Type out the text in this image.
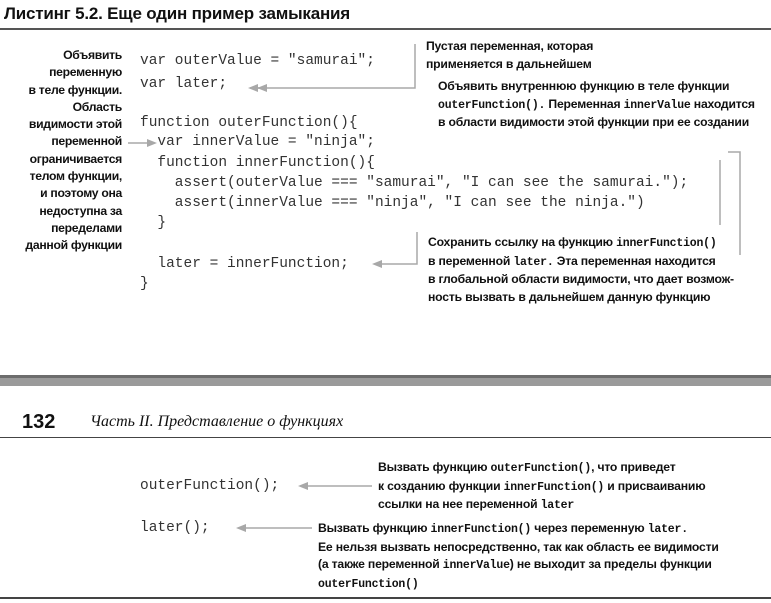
Листинг 5.2. Еще один пример замыкания
Объявить
переменную
в теле функции.
Область
видимости этой
переменной
ограничивается
телом функции,
и поэтому она
недоступна за
переделами
данной функции
var outerValue = "samurai";
var later;
function outerFunction(){
var innerValue = "ninja";
function innerFunction(){
assert(outerValue === "samurai", "I can see the samurai.");
assert(innerValue === "ninja", "I can see the ninja.")
}
later = innerFunction;
}
Пустая переменная, которая
применяется в дальнейшем
Объявить внутреннюю функцию в теле функции
outerFunction(). Переменная innerValue находится
в области видимости этой функции при ее создании
Сохранить ссылку на функцию innerFunction()
в переменной later. Эта переменная находится
в глобальной области видимости, что дает возмож-
ность вызвать в дальнейшем данную функцию
132 Часть II. Представление о функциях
outerFunction();
later();
Вызвать функцию outerFunction(), что приведет
к созданию функции innerFunction() и присваиванию
ссылки на нее переменной later
Вызвать функцию innerFunction() через переменную later.
Ее нельзя вызвать непосредственно, так как область ее видимости
(а также переменной innerValue) не выходит за пределы функции
outerFunction()
